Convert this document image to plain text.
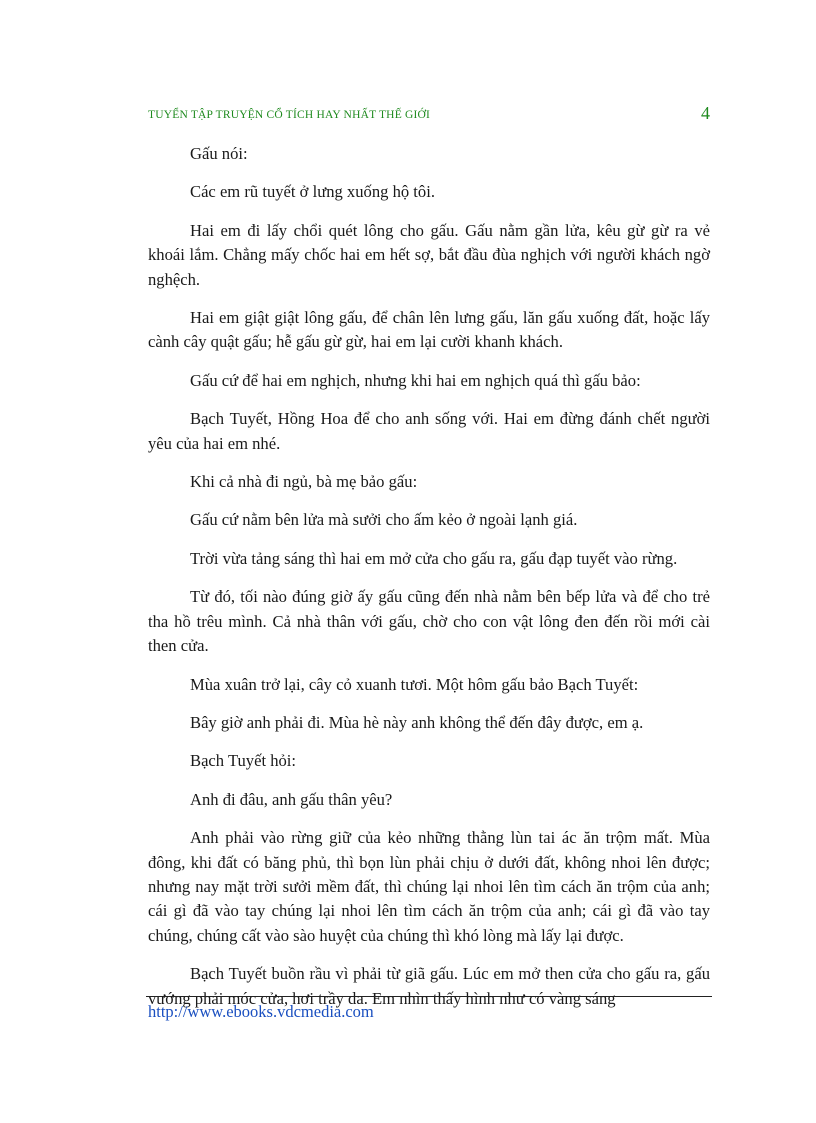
TUYỂN TẬP TRUYỆN CỔ TÍCH HAY NHẤT THẾ GIỚI	4

Gấu nói:

Các em rũ tuyết ở lưng xuống hộ tôi.

Hai em đi lấy chổi quét lông cho gấu. Gấu nằm gần lửa, kêu gừ gừ ra vẻ khoái lắm. Chẳng mấy chốc hai em hết sợ, bắt đầu đùa nghịch với người khách ngờ nghệch.

Hai em giật giật lông gấu, để chân lên lưng gấu, lăn gấu xuống đất, hoặc lấy cành cây quật gấu; hễ gấu gừ gừ, hai em lại cười khanh khách.

Gấu cứ để hai em nghịch, nhưng khi hai em nghịch quá thì gấu bảo:

Bạch Tuyết, Hồng Hoa để cho anh sống với. Hai em đừng đánh chết người yêu của hai em nhé.

Khi cả nhà đi ngủ, bà mẹ bảo gấu:

Gấu cứ nằm bên lửa mà sưởi cho ấm kẻo ở ngoài lạnh giá.

Trời vừa tảng sáng thì hai em mở cửa cho gấu ra, gấu đạp tuyết vào rừng.

Từ đó, tối nào đúng giờ ấy gấu cũng đến nhà nằm bên bếp lửa và để cho trẻ tha hồ trêu mình. Cả nhà thân với gấu, chờ cho con vật lông đen đến rồi mới cài then cửa.

Mùa xuân trở lại, cây cỏ xuanh tươi. Một hôm gấu bảo Bạch Tuyết:

Bây giờ anh phải đi. Mùa hè này anh không thể đến đây được, em ạ.

Bạch Tuyết hỏi:

Anh đi đâu, anh gấu thân yêu?

Anh phải vào rừng giữ của kẻo những thằng lùn tai ác ăn trộm mất. Mùa đông, khi đất có băng phủ, thì bọn lùn phải chịu ở dưới đất, không nhoi lên được; nhưng nay mặt trời sưởi mềm đất, thì chúng lại nhoi lên tìm cách ăn trộm của anh; cái gì đã vào tay chúng lại nhoi lên tìm cách ăn trộm của anh; cái gì đã vào tay chúng, chúng cất vào sào huyệt của chúng thì khó lòng mà lấy lại được.

Bạch Tuyết buồn rầu vì phải từ giã gấu. Lúc em mở then cửa cho gấu ra, gấu vướng phải móc cửa, hơi trầy da. Em nhìn thấy hình như có vàng sáng

http://www.ebooks.vdcmedia.com
